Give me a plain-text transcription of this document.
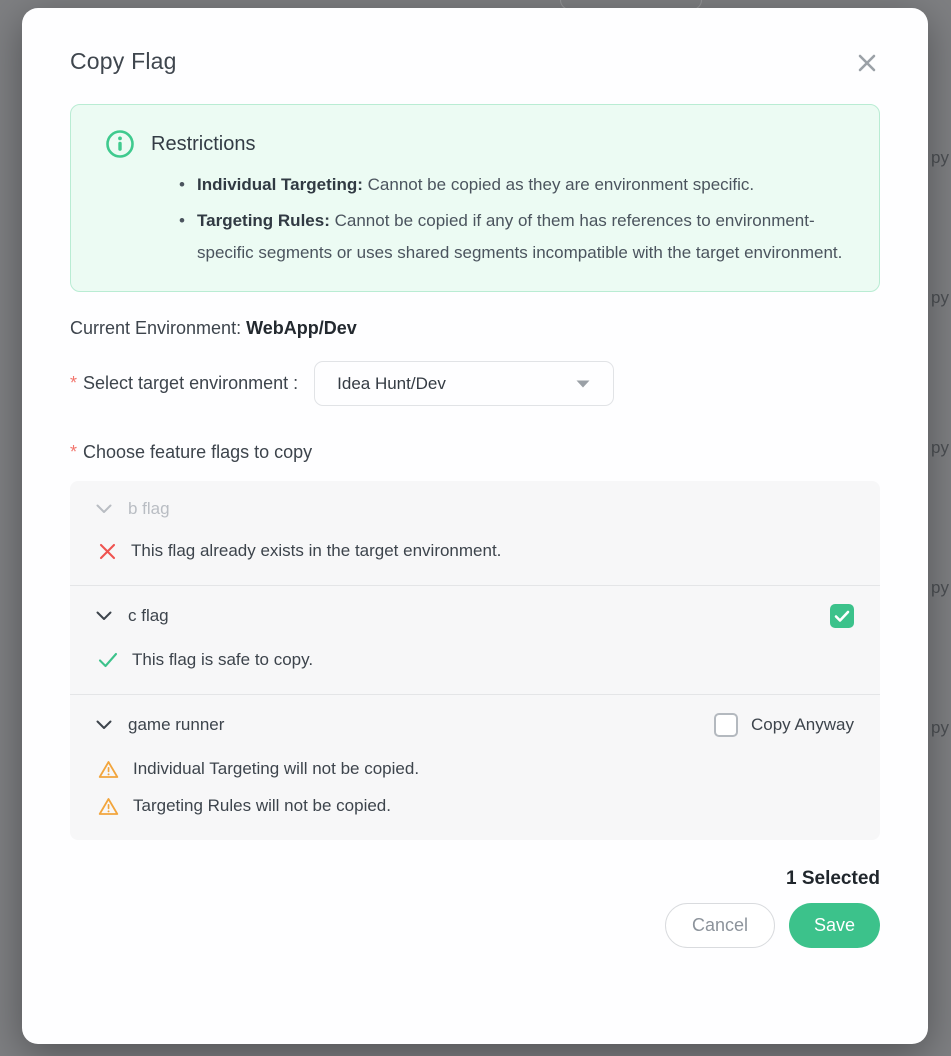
py
py
py
py
py
Copy Flag
Restrictions
• Individual Targeting: Cannot be copied as they are environment specific.
• Targeting Rules: Cannot be copied if any of them has references to environment-specific segments or uses shared segments incompatible with the target environment.
Current Environment: WebApp/Dev
* Select target environment : Idea Hunt/Dev
* Choose feature flags to copy
b flag
This flag already exists in the target environment.
c flag
This flag is safe to copy.
game runner	Copy Anyway
Individual Targeting will not be copied.
Targeting Rules will not be copied.
1 Selected
Cancel	Save
